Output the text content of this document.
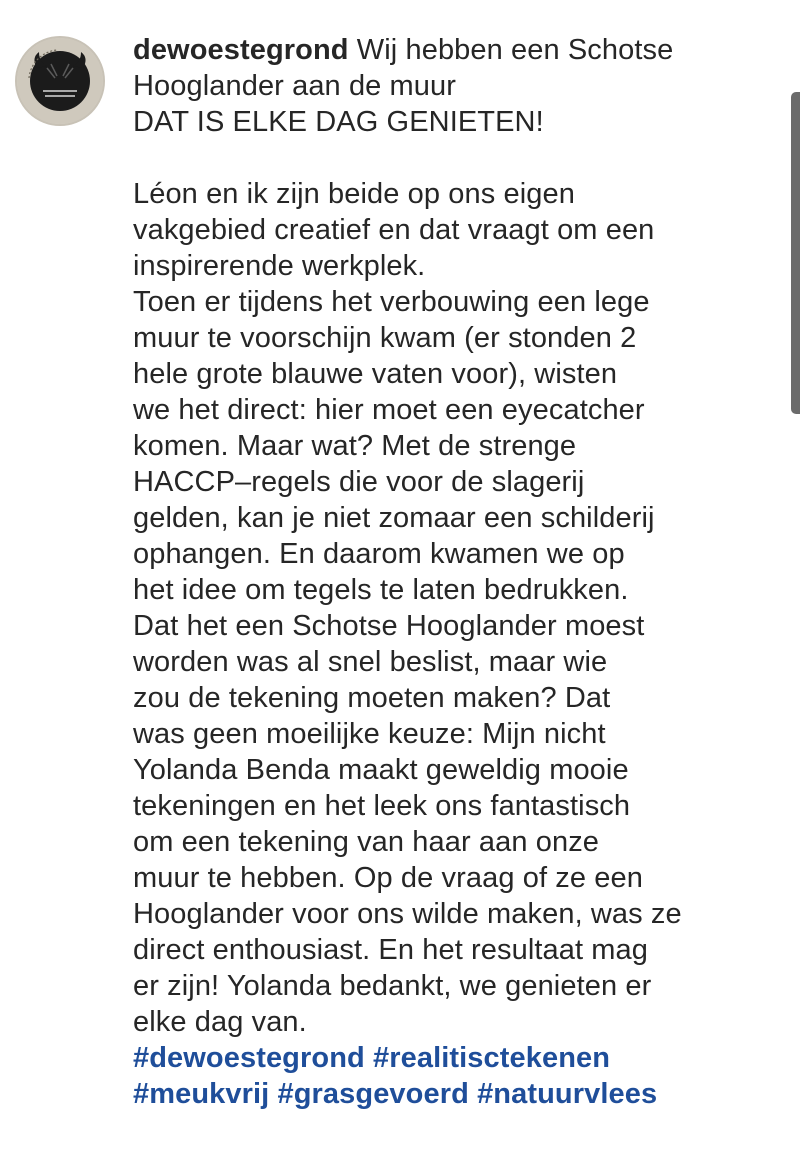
dewoestegrond Wij hebben een Schotse
Hooglander aan de muur
DAT IS ELKE DAG GENIETEN!

Léon en ik zijn beide op ons eigen
vakgebied creatief en dat vraagt om een
inspirerende werkplek.
Toen er tijdens het verbouwing een lege
muur te voorschijn kwam (er stonden 2
hele grote blauwe vaten voor), wisten
we het direct: hier moet een eyecatcher
komen. Maar wat? Met de strenge
HACCP–regels die voor de slagerij
gelden, kan je niet zomaar een schilderij
ophangen. En daarom kwamen we op
het idee om tegels te laten bedrukken.
Dat het een Schotse Hooglander moest
worden was al snel beslist, maar wie
zou de tekening moeten maken? Dat
was geen moeilijke keuze: Mijn nicht
Yolanda Benda maakt geweldig mooie
tekeningen en het leek ons fantastisch
om een tekening van haar aan onze
muur te hebben. Op de vraag of ze een
Hooglander voor ons wilde maken, was ze
direct enthousiast. En het resultaat mag
er zijn! Yolanda bedankt, we genieten er
elke dag van.
#dewoestegrond #realitisctekenen
#meukvrij #grasgevoerd #natuurvlees
